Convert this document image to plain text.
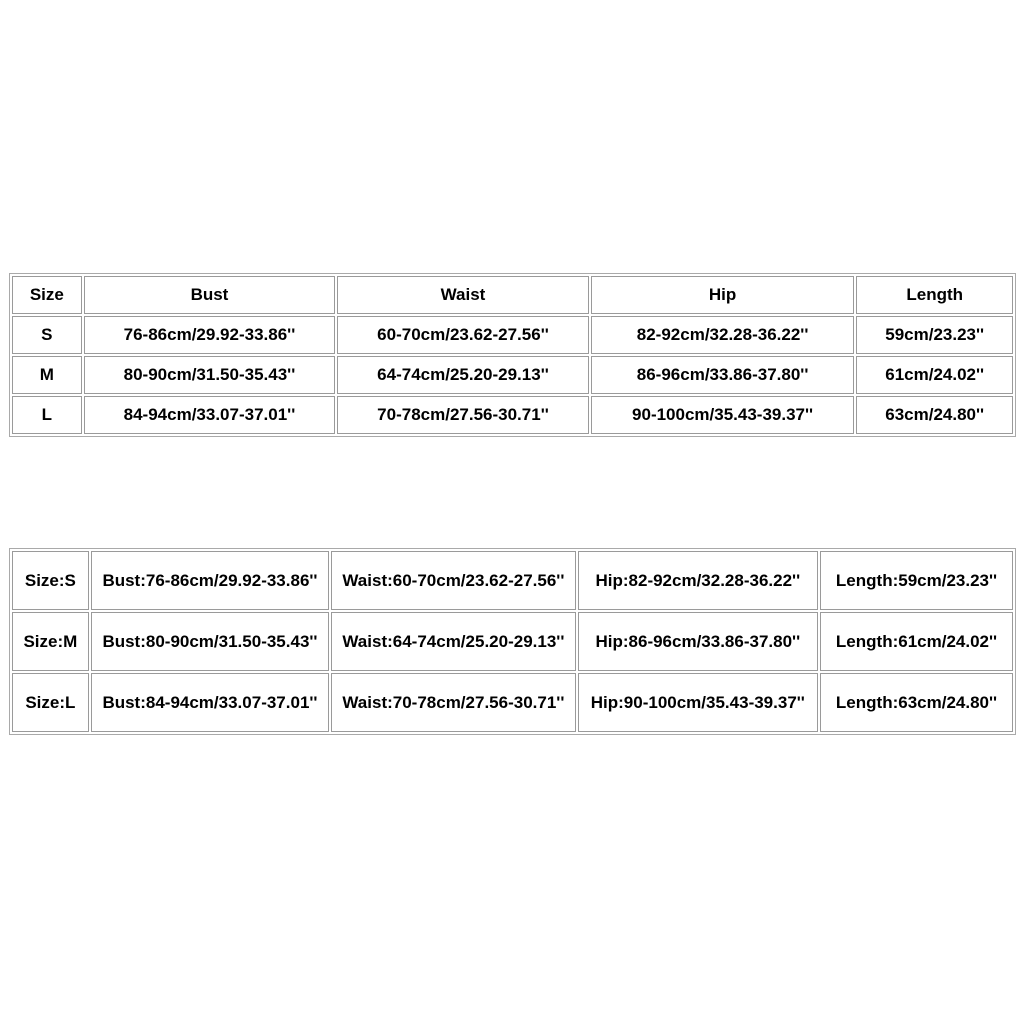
Size	Bust	Waist	Hip	Length
S	76-86cm/29.92-33.86''	60-70cm/23.62-27.56''	82-92cm/32.28-36.22''	59cm/23.23''
M	80-90cm/31.50-35.43''	64-74cm/25.20-29.13''	86-96cm/33.86-37.80''	61cm/24.02''
L	84-94cm/33.07-37.01''	70-78cm/27.56-30.71''	90-100cm/35.43-39.37''	63cm/24.80''
Size:S	Bust:76-86cm/29.92-33.86''	Waist:60-70cm/23.62-27.56''	Hip:82-92cm/32.28-36.22''	Length:59cm/23.23''
Size:M	Bust:80-90cm/31.50-35.43''	Waist:64-74cm/25.20-29.13''	Hip:86-96cm/33.86-37.80''	Length:61cm/24.02''
Size:L	Bust:84-94cm/33.07-37.01''	Waist:70-78cm/27.56-30.71''	Hip:90-100cm/35.43-39.37''	Length:63cm/24.80''
